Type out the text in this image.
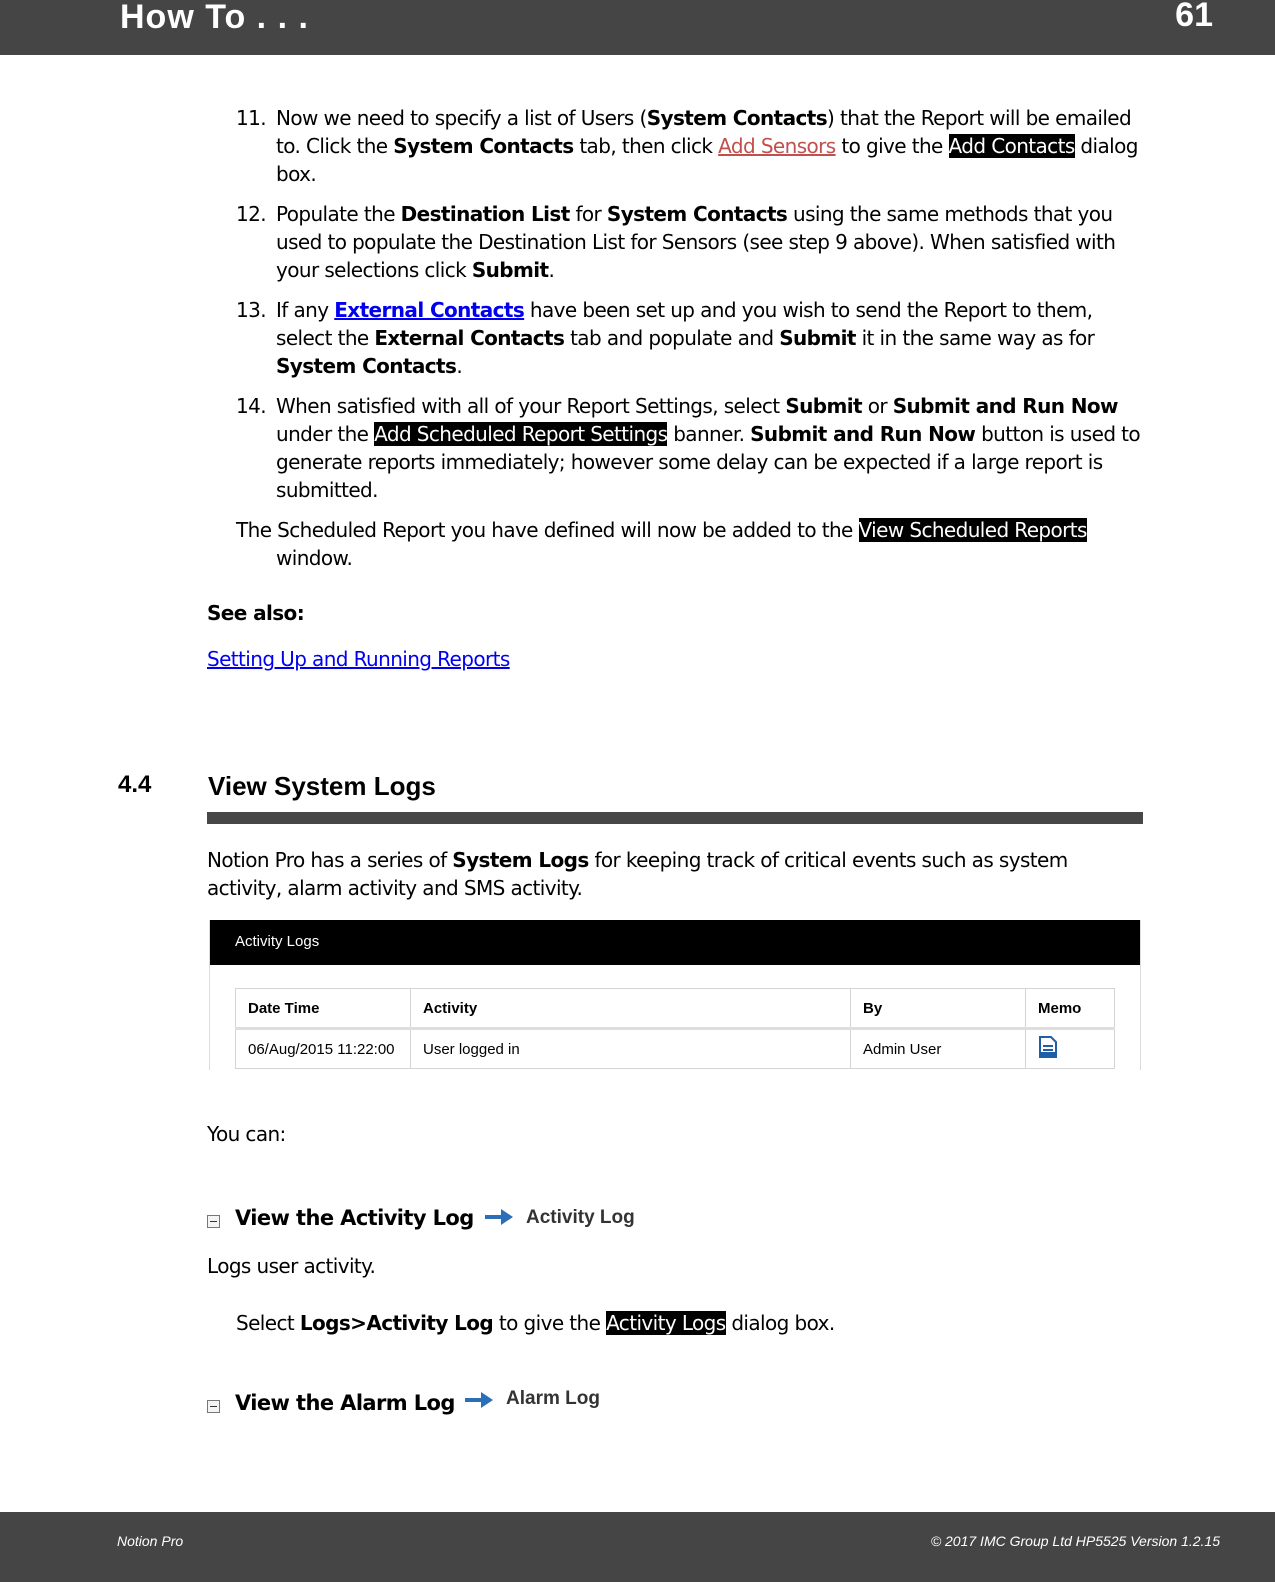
How To . . .	61
11. Now we need to specify a list of Users (System Contacts) that the Report will be emailed to. Click the System Contacts tab, then click Add Sensors to give the Add Contacts dialog box.
12. Populate the Destination List for System Contacts using the same methods that you used to populate the Destination List for Sensors (see step 9 above). When satisfied with your selections click Submit.
13. If any External Contacts have been set up and you wish to send the Report to them, select the External Contacts tab and populate and Submit it in the same way as for System Contacts.
14. When satisfied with all of your Report Settings, select Submit or Submit and Run Now under the Add Scheduled Report Settings banner. Submit and Run Now button is used to generate reports immediately; however some delay can be expected if a large report is submitted.
The Scheduled Report you have defined will now be added to the View Scheduled Reports
window.
See also:
Setting Up and Running Reports
4.4 View System Logs
Notion Pro has a series of System Logs for keeping track of critical events such as system activity, alarm activity and SMS activity.
Activity Logs
Date Time	Activity	By	Memo
06/Aug/2015 11:22:00	User logged in	Admin User	
You can:
View the Activity Log	Activity Log
Logs user activity.
Select Logs>Activity Log to give the Activity Logs dialog box.
View the Alarm Log	Alarm Log
Notion Pro	© 2017 IMC Group Ltd HP5525 Version 1.2.15
